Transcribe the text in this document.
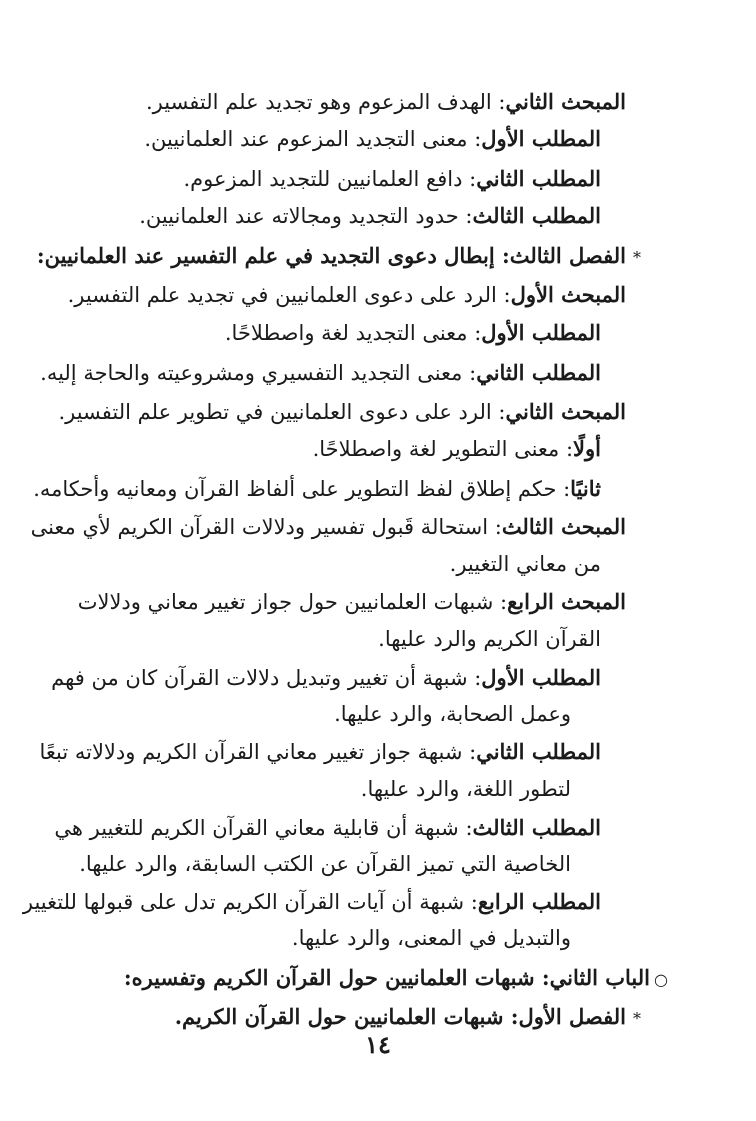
المبحث الثاني: الهدف المزعوم وهو تجديد علم التفسير.
المطلب الأول: معنى التجديد المزعوم عند العلمانيين.
المطلب الثاني: دافع العلمانيين للتجديد المزعوم.
المطلب الثالث: حدود التجديد ومجالاته عند العلمانيين.
*الفصل الثالث: إبطال دعوى التجديد في علم التفسير عند العلمانيين:
المبحث الأول: الرد على دعوى العلمانيين في تجديد علم التفسير.
المطلب الأول: معنى التجديد لغة واصطلاحًا.
المطلب الثاني: معنى التجديد التفسيري ومشروعيته والحاجة إليه.
المبحث الثاني: الرد على دعوى العلمانيين في تطوير علم التفسير.
أولًا: معنى التطوير لغة واصطلاحًا.
ثانيًا: حكم إطلاق لفظ التطوير على ألفاظ القرآن ومعانيه وأحكامه.
المبحث الثالث: استحالة قَبول تفسير ودلالات القرآن الكريم لأي معنى
من معاني التغيير.
المبحث الرابع: شبهات العلمانيين حول جواز تغيير معاني ودلالات
القرآن الكريم والرد عليها.
المطلب الأول: شبهة أن تغيير وتبديل دلالات القرآن كان من فهم
وعمل الصحابة، والرد عليها.
المطلب الثاني: شبهة جواز تغيير معاني القرآن الكريم ودلالاته تبعًا
لتطور اللغة، والرد عليها.
المطلب الثالث: شبهة أن قابلية معاني القرآن الكريم للتغيير هي
الخاصية التي تميز القرآن عن الكتب السابقة، والرد عليها.
المطلب الرابع: شبهة أن آيات القرآن الكريم تدل على قبولها للتغيير
والتبديل في المعنى، والرد عليها.
○الباب الثاني: شبهات العلمانيين حول القرآن الكريم وتفسيره:
*الفصل الأول: شبهات العلمانيين حول القرآن الكريم.
١٤
